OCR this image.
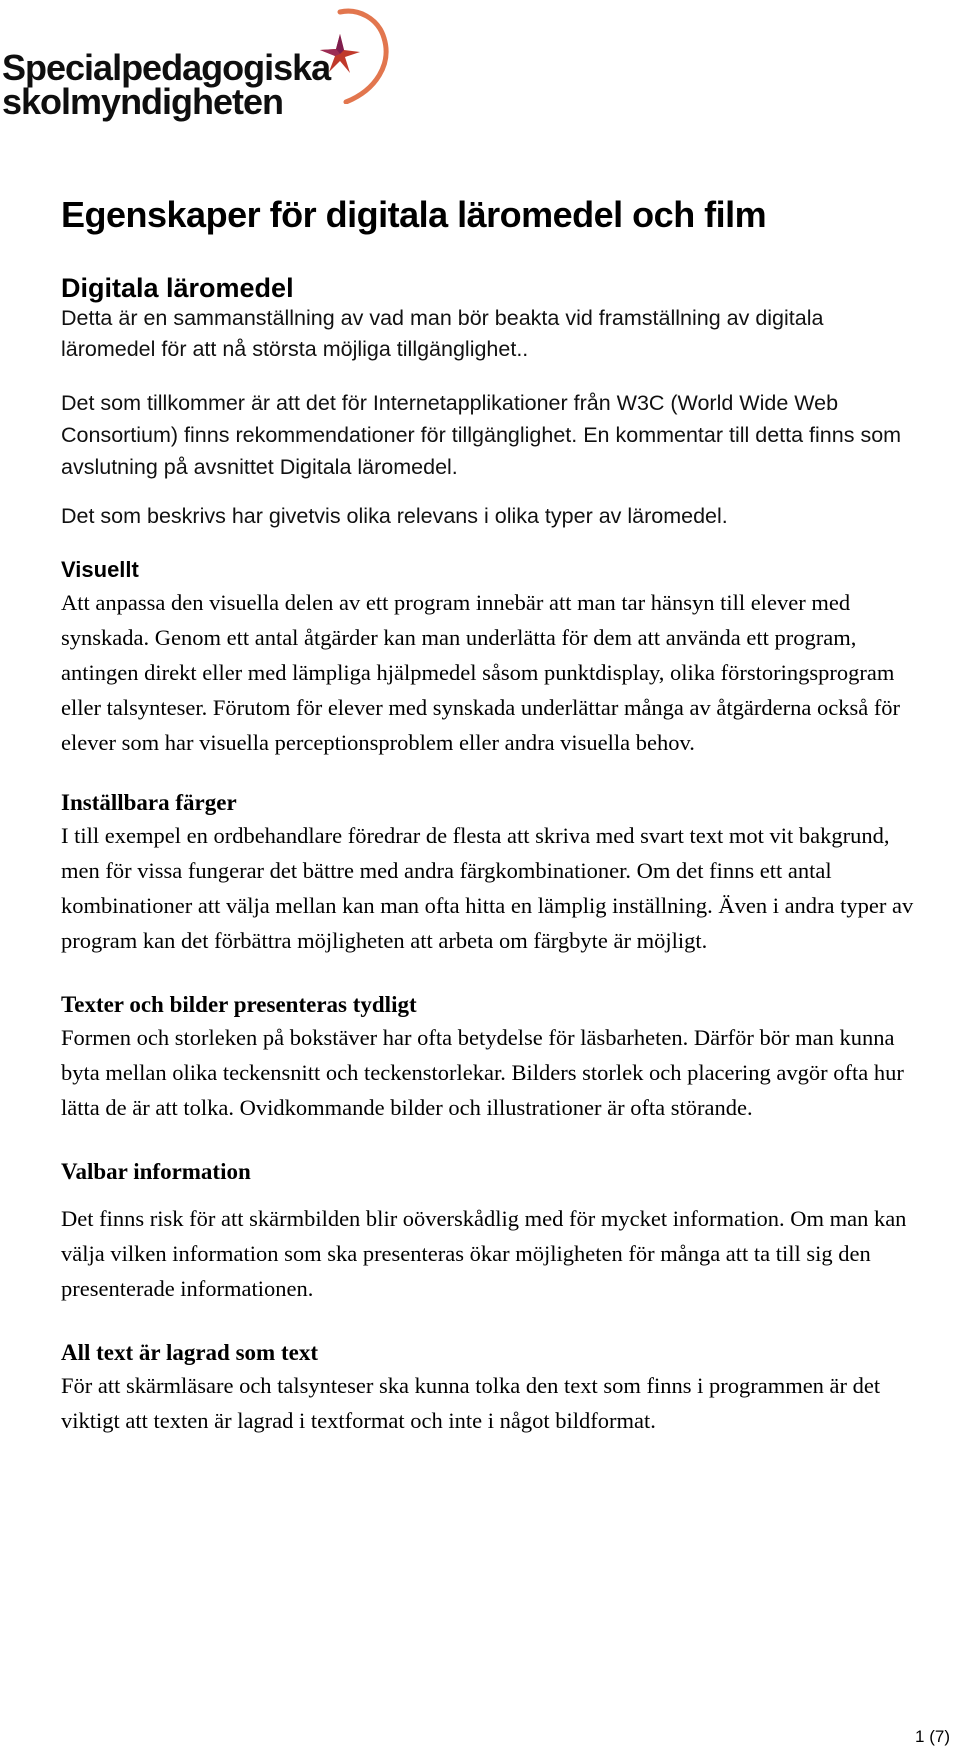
Specialpedagogiska
skolmyndigheten
Egenskaper för digitala läromedel och film
Digitala läromedel

Detta är en sammanställning av vad man bör beakta vid framställning av digitala läromedel för att nå största möjliga tillgänglighet..

Det som tillkommer är att det för Internetapplikationer från W3C (World Wide Web Consortium) finns rekommendationer för tillgänglighet. En kommentar till detta finns som avslutning på avsnittet Digitala läromedel.

Det som beskrivs har givetvis olika relevans i olika typer av läromedel.

Visuellt

Att anpassa den visuella delen av ett program innebär att man tar hänsyn till elever med synskada. Genom ett antal åtgärder kan man underlätta för dem att använda ett program, antingen direkt eller med lämpliga hjälpmedel såsom punktdisplay, olika förstoringsprogram eller talsynteser. Förutom för elever med synskada underlättar många av åtgärderna också för elever som har visuella perceptionsproblem eller andra visuella behov.

Inställbara färger

I till exempel en ordbehandlare föredrar de flesta att skriva med svart text mot vit bakgrund, men för vissa fungerar det bättre med andra färgkombinationer. Om det finns ett antal kombinationer att välja mellan kan man ofta hitta en lämplig inställning. Även i andra typer av program kan det förbättra möjligheten att arbeta om färgbyte är möjligt.

Texter och bilder presenteras tydligt

Formen och storleken på bokstäver har ofta betydelse för läsbarheten. Därför bör man kunna byta mellan olika teckensnitt och teckenstorlekar. Bilders storlek och placering avgör ofta hur lätta de är att tolka. Ovidkommande bilder och illustrationer är ofta störande.

Valbar information

Det finns risk för att skärmbilden blir oöverskådlig med för mycket information. Om man kan välja vilken information som ska presenteras ökar möjligheten för många att ta till sig den presenterade informationen.

All text är lagrad som text

För att skärmläsare och talsynteser ska kunna tolka den text som finns i programmen är det viktigt att texten är lagrad i textformat och inte i något bildformat.

1 (7)
